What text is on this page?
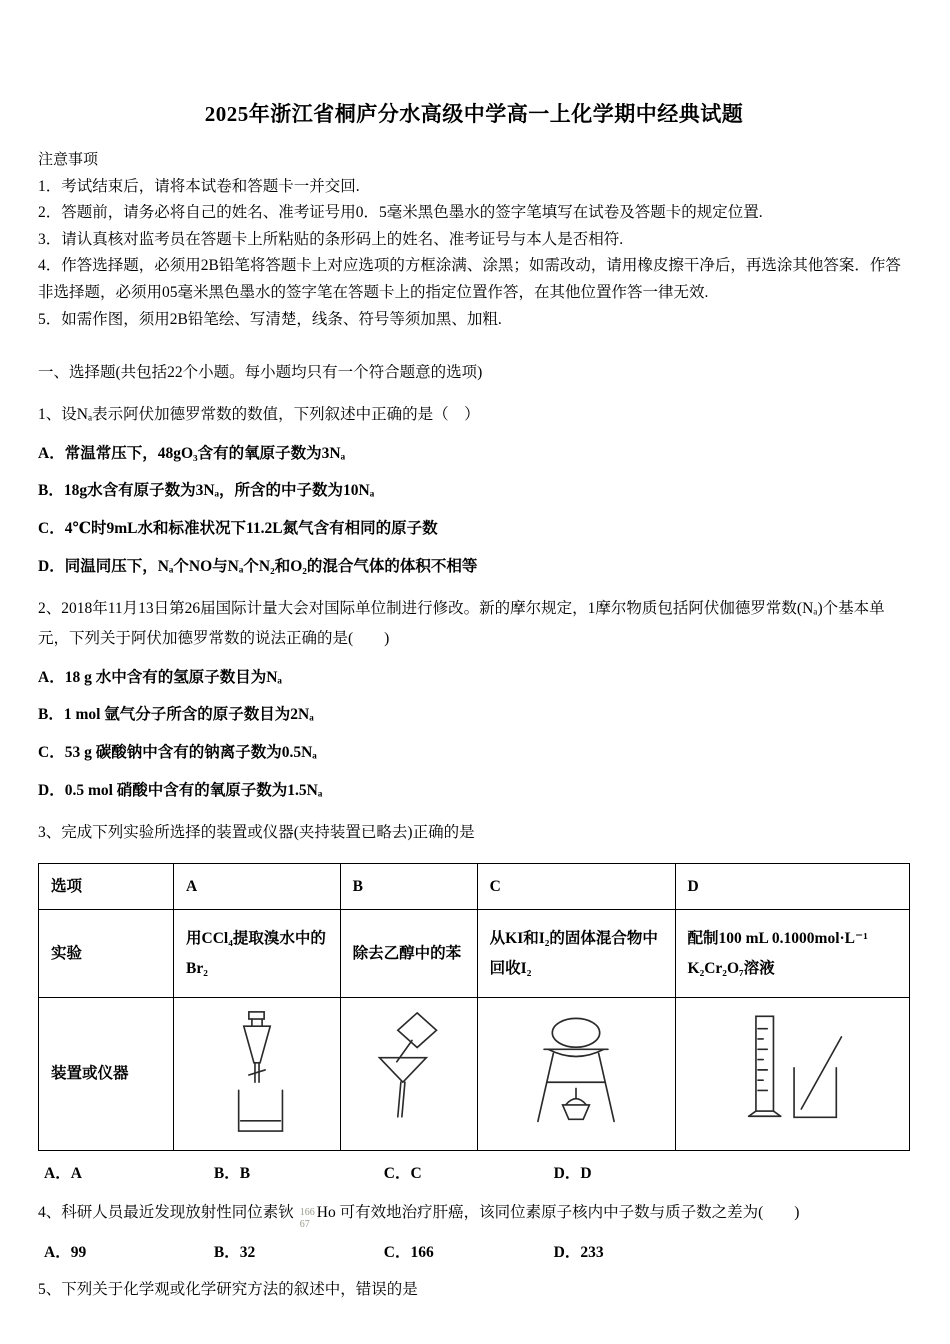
2025年浙江省桐庐分水高级中学高一上化学期中经典试题
注意事项
1．考试结束后，请将本试卷和答题卡一并交回.
2．答题前，请务必将自己的姓名、准考证号用0．5毫米黑色墨水的签字笔填写在试卷及答题卡的规定位置.
3．请认真核对监考员在答题卡上所粘贴的条形码上的姓名、准考证号与本人是否相符.
4．作答选择题，必须用2B铅笔将答题卡上对应选项的方框涂满、涂黑；如需改动，请用橡皮擦干净后，再选涂其他答案．作答非选择题，必须用05毫米黑色墨水的签字笔在答题卡上的指定位置作答，在其他位置作答一律无效.
5．如需作图，须用2B铅笔绘、写清楚，线条、符号等须加黑、加粗.
一、选择题(共包括22个小题。每小题均只有一个符合题意的选项)
1、设Nₐ表示阿伏加德罗常数的数值，下列叙述中正确的是（　）
A．常温常压下，48gO₃含有的氧原子数为3Nₐ
B．18g水含有原子数为3Nₐ，所含的中子数为10Nₐ
C．4℃时9mL水和标准状况下11.2L氮气含有相同的原子数
D．同温同压下，Nₐ个NO与Nₐ个N₂和O₂的混合气体的体积不相等
2、2018年11月13日第26届国际计量大会对国际单位制进行修改。新的摩尔规定，1摩尔物质包括阿伏伽德罗常数(Nₐ)个基本单元，下列关于阿伏加德罗常数的说法正确的是(　　)
A．18 g 水中含有的氢原子数目为Nₐ
B．1 mol 氩气分子所含的原子数目为2Nₐ
C．53 g 碳酸钠中含有的钠离子数为0.5Nₐ
D．0.5 mol 硝酸中含有的氧原子数为1.5Nₐ
3、完成下列实验所选择的装置或仪器(夹持装置已略去)正确的是
选项	A	B	C	D
实验	用CCl₄提取溴水中的Br₂	除去乙醇中的苯	从KI和I₂的固体混合物中回收I₂	配制100 mL 0.1000mol·L⁻¹ K₂Cr₂O₇溶液
装置或仪器	

A．A	B．B	C．C	D．D
4、科研人员最近发现放射性同位素钬 166
67
Ho 可有效地治疗肝癌，该同位素原子核内中子数与质子数之差为(　　)
A．99	B．32	C．166	D．233
5、下列关于化学观或化学研究方法的叙述中，错误的是
